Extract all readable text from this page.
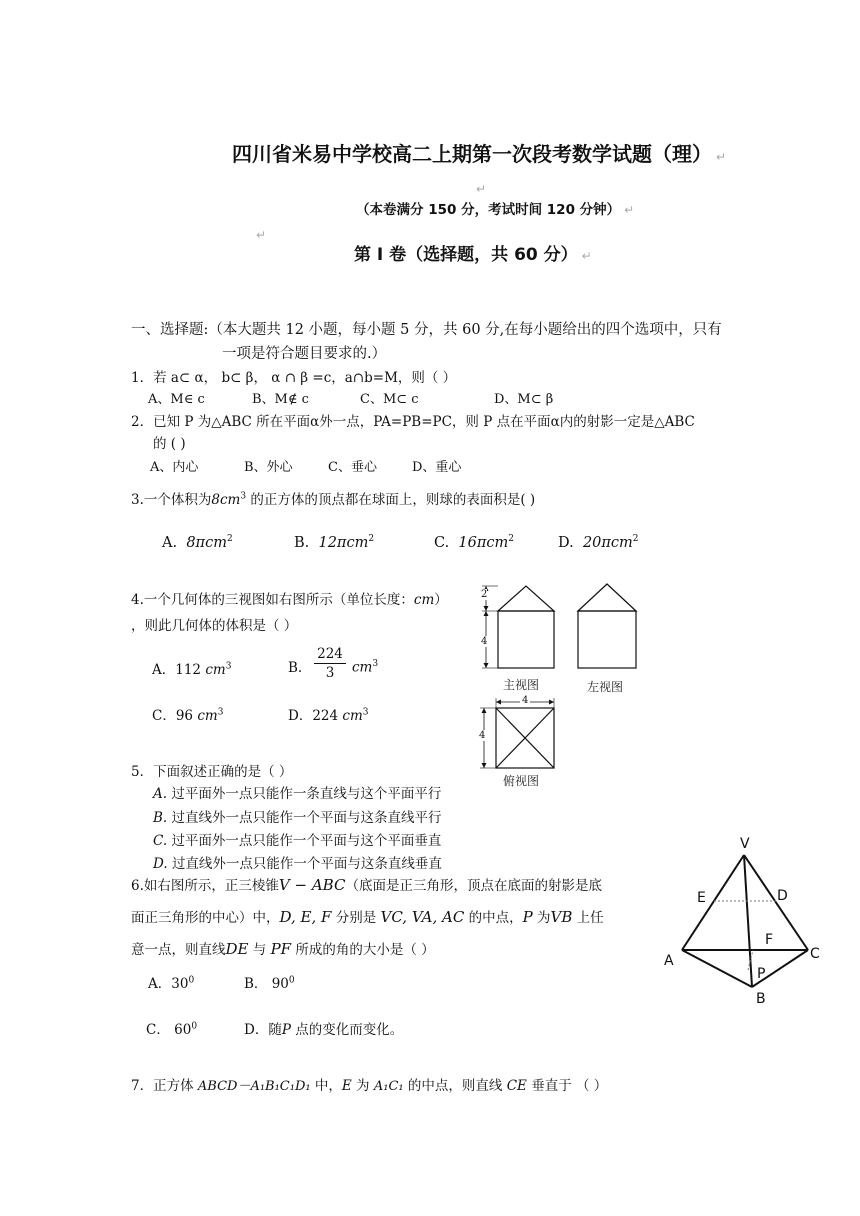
四川省米易中学校高二上期第一次段考数学试题（理） ↵
↵
（本卷满分 150 分，考试时间 120 分钟） ↵
↵
第 I 卷（选择题，共 60 分） ↵
一、选择题:（本大题共 12 小题，每小题 5 分，共 60 分,在每小题给出的四个选项中，只有
一项是符合题目要求的.）
1．若 a⊂ α， b⊂ β， α ∩ β =c，a∩b=M，则（ ）
A、M∈ c	B、M∉ c	C、M⊂ c	D、M⊂ β
2．已知 P 为△ABC 所在平面α外一点，PA=PB=PC，则 P 点在平面α内的射影一定是△ABC
的 ( )
A、内心	B、外心	C、垂心	D、重心
3.一个体积为$8cm^3$ 的正方体的顶点都在球面上，则球的表面积是( )
A. 8πcm$^2$	B. 12πcm$^2$	C. 16πcm$^2$	D. 20πcm$^2$
4.一个几何体的三视图如右图所示（单位长度：cm）
，则此几何体的体积是（ ）
A．112 $cm^3$	B.
224
3	$cm^3$
C．96 $cm^3$	D．224 $cm^3$
2
4
4
4
主视图	左视图
俯视图
5．下面叙述正确的是（ ）
A. 过平面外一点只能作一条直线与这个平面平行
B. 过直线外一点只能作一个平面与这条直线平行
C. 过平面外一点只能作一个平面与这个平面垂直
D. 过直线外一点只能作一个平面与这条直线垂直
6.如右图所示，正三棱锥V − ABC（底面是正三角形，顶点在底面的射影是底
面正三角形的中心）中，D, E, F 分别是 VC, VA, AC 的中点，P 为VB 上任
意一点，则直线DE 与 PF 所成的角的大小是（ ）
A．$30^0$	B． $90^0$
C． $60^0$	D．随P 点的变化而变化。
V
E	D
F
A	C
P
B
7．正方体 ABCD－A₁B₁C₁D₁ 中，E 为 A₁C₁ 的中点，则直线 CE 垂直于 （ ）
